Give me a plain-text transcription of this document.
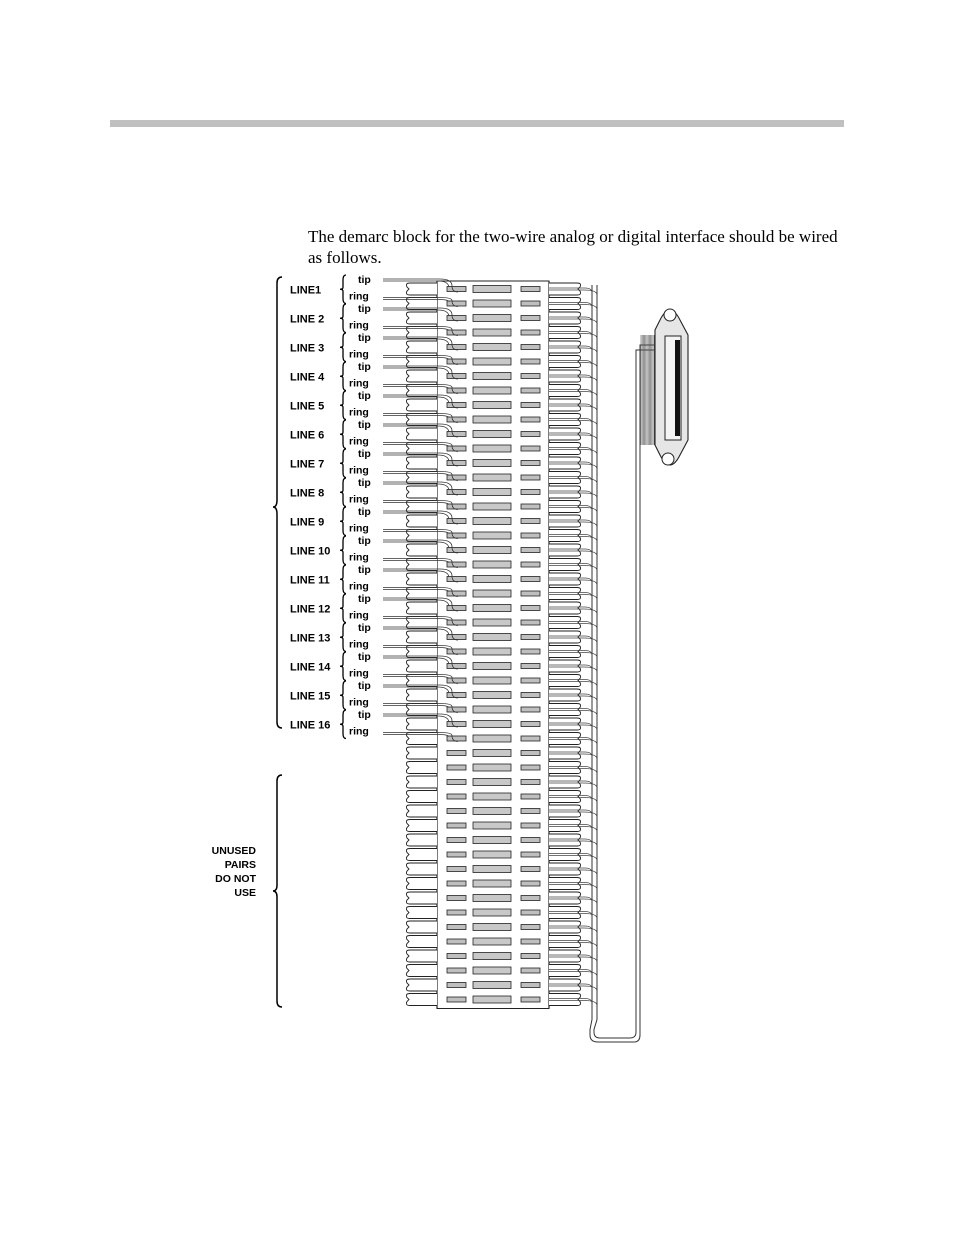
The demarc block for the two-wire analog or digital interface should be wired as follows.

LINE1
tip
ring
LINE 2
tip
ring
LINE 3
tip
ring
LINE 4
tip
ring
LINE 5
tip
ring
LINE 6
tip
ring
LINE 7
tip
ring
LINE 8
tip
ring
LINE 9
tip
ring
LINE 10
tip
ring
LINE 11
tip
ring
LINE 12
tip
ring
LINE 13
tip
ring
LINE 14
tip
ring
LINE 15
tip
ring
LINE 16
tip
ring
UNUSED
PAIRS
DO NOT
USE
